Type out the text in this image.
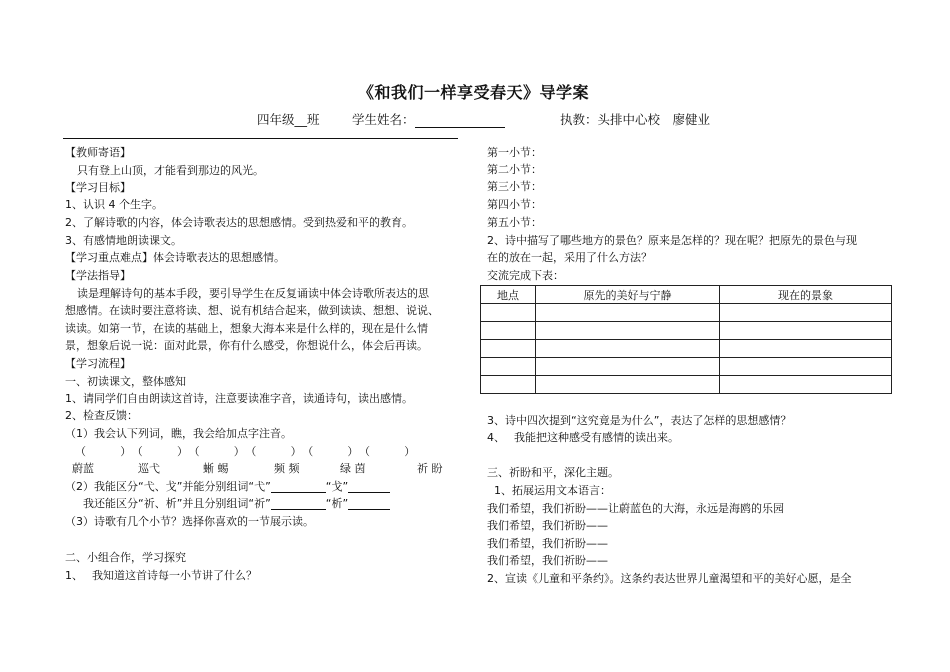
《和我们一样享受春天》导学案
四年级__班	学生姓名：	执教：头排中心校　廖健业
【教师寄语】
只有登上山顶，才能看到那边的风光。
【学习目标】
1、认识 4 个生字。
2、了解诗歌的内容，体会诗歌表达的思想感情。受到热爱和平的教育。
3、有感情地朗读课文。
【学习重点难点】体会诗歌表达的思想感情。
【学法指导】
读是理解诗句的基本手段，要引导学生在反复诵读中体会诗歌所表达的思
想感情。在读时要注意将读、想、说有机结合起来，做到读读、想想、说说、
读读。如第一节，在读的基础上，想象大海本来是什么样的，现在是什么情
景，想象后说一说：面对此景，你有什么感受，你想说什么，体会后再读。
【学习流程】
一、初读课文，整体感知
1、请同学们自由朗读这首诗，注意要读准字音，读通诗句，读出感情。
2、检查反馈：
（1）我会认下列词，瞧，我会给加点字注音。
（　　　）　（　　　）　（　　　）　（　　　）　（　　　）　（　　　）
蔚蓝	巡弋	蜥 蜴	频 频	绿 茵	祈 盼
（2）我能区分“弋、戈”并能分别组词“弋”	“戈”
我还能区分“祈、析”并且分别组词“祈”	“析”
（3）诗歌有几个小节？选择你喜欢的一节展示读。
二、小组合作，学习探究
1、　 我知道这首诗每一小节讲了什么？
第一小节：
第二小节：
第三小节：
第四小节：
第五小节：
2、诗中描写了哪些地方的景色？原来是怎样的？现在呢？把原先的景色与现
在的放在一起，采用了什么方法？
交流完成下表：
地点	原先的美好与宁静	现在的景象

3、诗中四次提到“这究竟是为什么”，表达了怎样的思想感情？
4、　 我能把这种感受有感情的读出来。
三、祈盼和平，深化主题。
1、拓展运用文本语言：
我们希望，我们祈盼——让蔚蓝色的大海，永远是海鸥的乐园
我们希望，我们祈盼——
我们希望，我们祈盼——
我们希望，我们祈盼——
2、宣读《儿童和平条约》。这条约表达世界儿童渴望和平的美好心愿，是全
